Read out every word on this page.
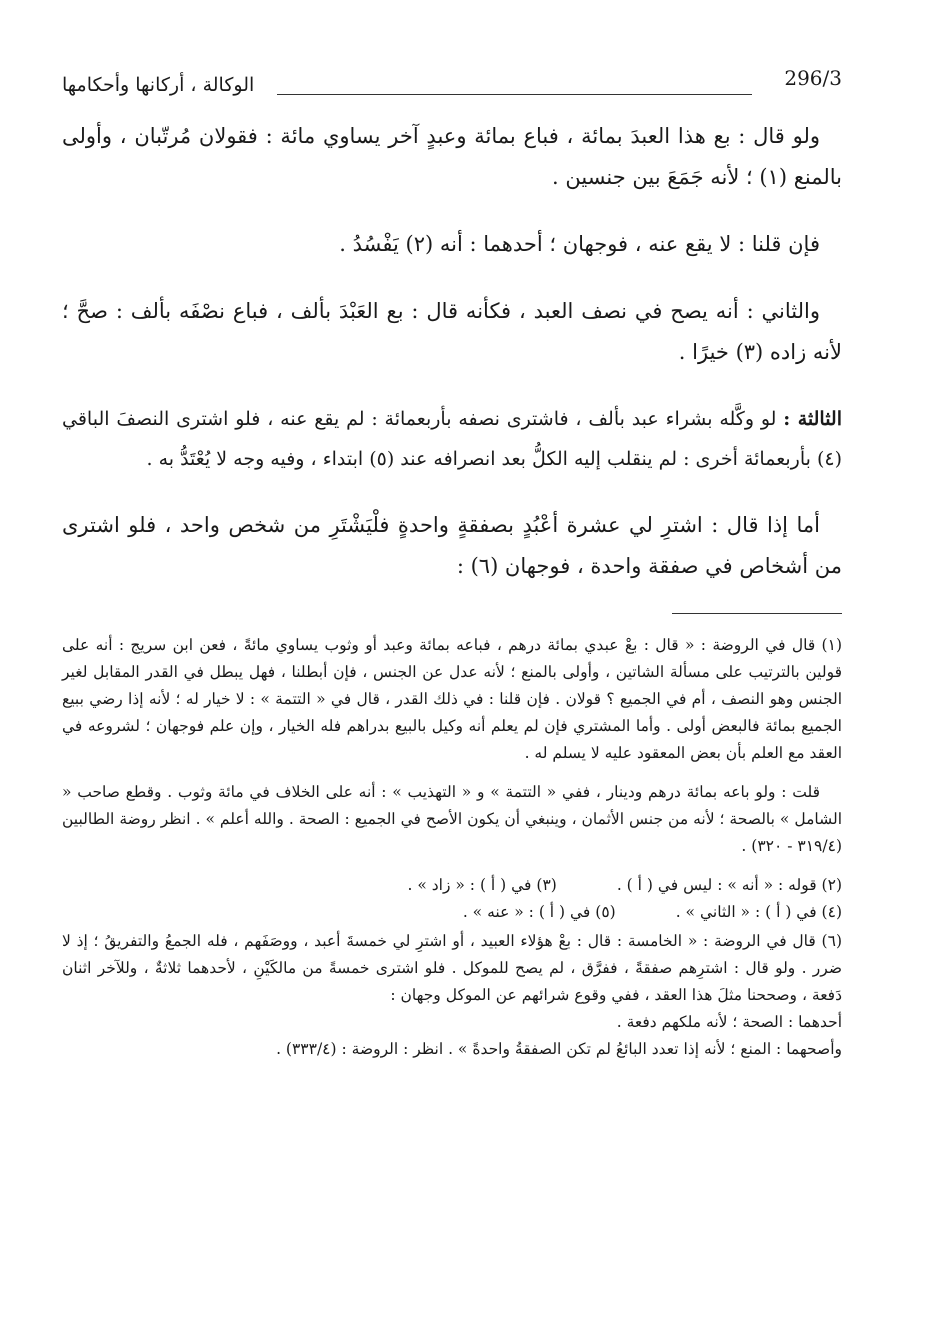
296/3
الوكالة ، أركانها وأحكامها

ولو قال : بع هذا العبدَ بمائة ، فباع بمائة وعبدٍ آخر يساوي مائة : فقولان مُرتّبان ، وأولى بالمنع (١) ؛ لأنه جَمَعَ بين جنسين .

فإن قلنا : لا يقع عنه ، فوجهان ؛ أحدهما : أنه (٢) يَفْسُدُ .

والثاني : أنه يصح في نصف العبد ، فكأنه قال : بع العَبْدَ بألف ، فباع نصْفَه بألف : صحَّ ؛ لأنه زاده (٣) خيرًا .

الثالثة : لو وكَّله بشراء عبد بألف ، فاشترى نصفه بأربعمائة : لم يقع عنه ، فلو اشترى النصفَ الباقي (٤) بأربعمائة أخرى : لم ينقلب إليه الكلُّ بعد انصرافه عند (٥) ابتداء ، وفيه وجه لا يُعْتَدُّ به .

أما إذا قال : اشترِ لي عشرة أعْبُدٍ بصفقةٍ واحدةٍ فلْيَشْتَرِ من شخص واحد ، فلو اشترى من أشخاص في صفقة واحدة ، فوجهان (٦) :

(١) قال في الروضة : « قال : بعْ عبدي بمائة درهم ، فباعه بمائة وعبد أو وثوب يساوي مائةً ، فعن ابن سريج : أنه على قولين بالترتيب على مسألة الشاتين ، وأولى بالمنع ؛ لأنه عدل عن الجنس ، فإن أبطلنا ، فهل يبطل في القدر المقابل لغير الجنس وهو النصف ، أم في الجميع ؟ قولان . فإن قلنا : في ذلك القدر ، قال في « التتمة » : لا خيار له ؛ لأنه إذا رضي ببيع الجميع بمائة فالبعض أولى . وأما المشتري فإن لم يعلم أنه وكيل بالبيع بدراهم فله الخيار ، وإن علم فوجهان ؛ لشروعه في العقد مع العلم بأن بعض المعقود عليه لا يسلم له .

قلت : ولو باعه بمائة درهم ودينار ، ففي « التتمة » و « التهذيب » : أنه على الخلاف في مائة وثوب . وقطع صاحب « الشامل » بالصحة ؛ لأنه من جنس الأثمان ، وينبغي أن يكون الأصح في الجميع : الصحة . والله أعلم » . انظر روضة الطالبين (٣١٩/٤ - ٣٢٠) .

(٢) قوله : « أنه » : ليس في ( أ ) .
(٣) في ( أ ) : « زاد » .
(٤) في ( أ ) : « الثاني » .
(٥) في ( أ ) : « عنه » .

(٦) قال في الروضة : « الخامسة : قال : بعْ هؤلاء العبيد ، أو اشترِ لي خمسةَ أعبد ، ووصَفَهم ، فله الجمعُ والتفريقُ ؛ إذ لا ضرر . ولو قال : اشترِهم صفقةً ، ففرَّق ، لم يصح للموكل . فلو اشترى خمسةً من مالكَيْنِ ، لأحدهما ثلاثةٌ ، وللآخر اثنان دَفعة ، وصححنا مثلَ هذا العقد ، ففي وقوع شرائهم عن الموكل وجهان :

أحدهما : الصحة ؛ لأنه ملكهم دفعة .

وأصحهما : المنع ؛ لأنه إذا تعدد البائعُ لم تكن الصفقةُ واحدةً » . انظر : الروضة : (٣٣٣/٤) .
